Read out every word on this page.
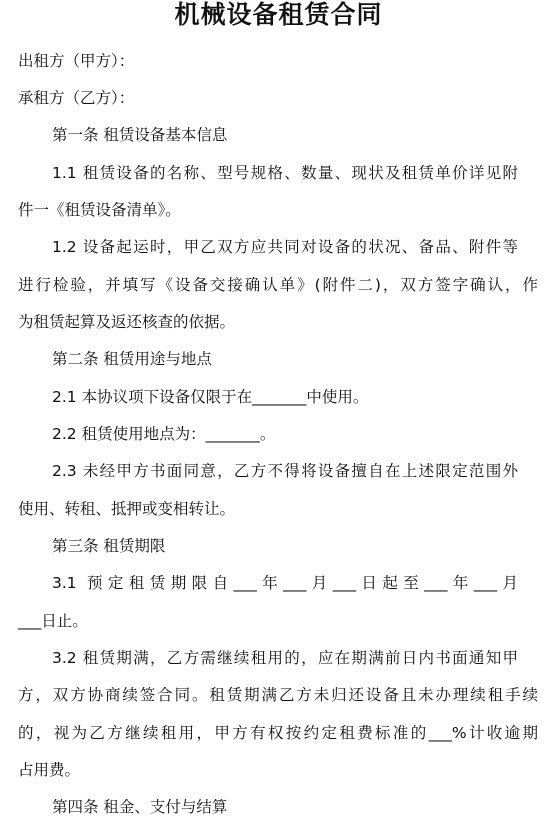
机械设备租赁合同
出租方（甲方）：
承租方（乙方）：
第一条 租赁设备基本信息
1.1 租赁设备的名称、型号规格、数量、现状及租赁单价详见附
件一《租赁设备清单》。
1.2 设备起运时，甲乙双方应共同对设备的状况、备品、附件等
进行检验，并填写《设备交接确认单》(附件二)，双方签字确认，作
为租赁起算及返还核查的依据。
第二条 租赁用途与地点
2.1 本协议项下设备仅限于在_______中使用。
2.2 租赁使用地点为：_______。
2.3 未经甲方书面同意，乙方不得将设备擅自在上述限定范围外
使用、转租、抵押或变相转让。
第三条 租赁期限
3.1 预定租赁期限自___年___月___日起至___年___月
___日止。
3.2 租赁期满，乙方需继续租用的，应在期满前日内书面通知甲
方，双方协商续签合同。租赁期满乙方未归还设备且未办理续租手续
的，视为乙方继续租用，甲方有权按约定租费标准的___%计收逾期
占用费。
第四条 租金、支付与结算
